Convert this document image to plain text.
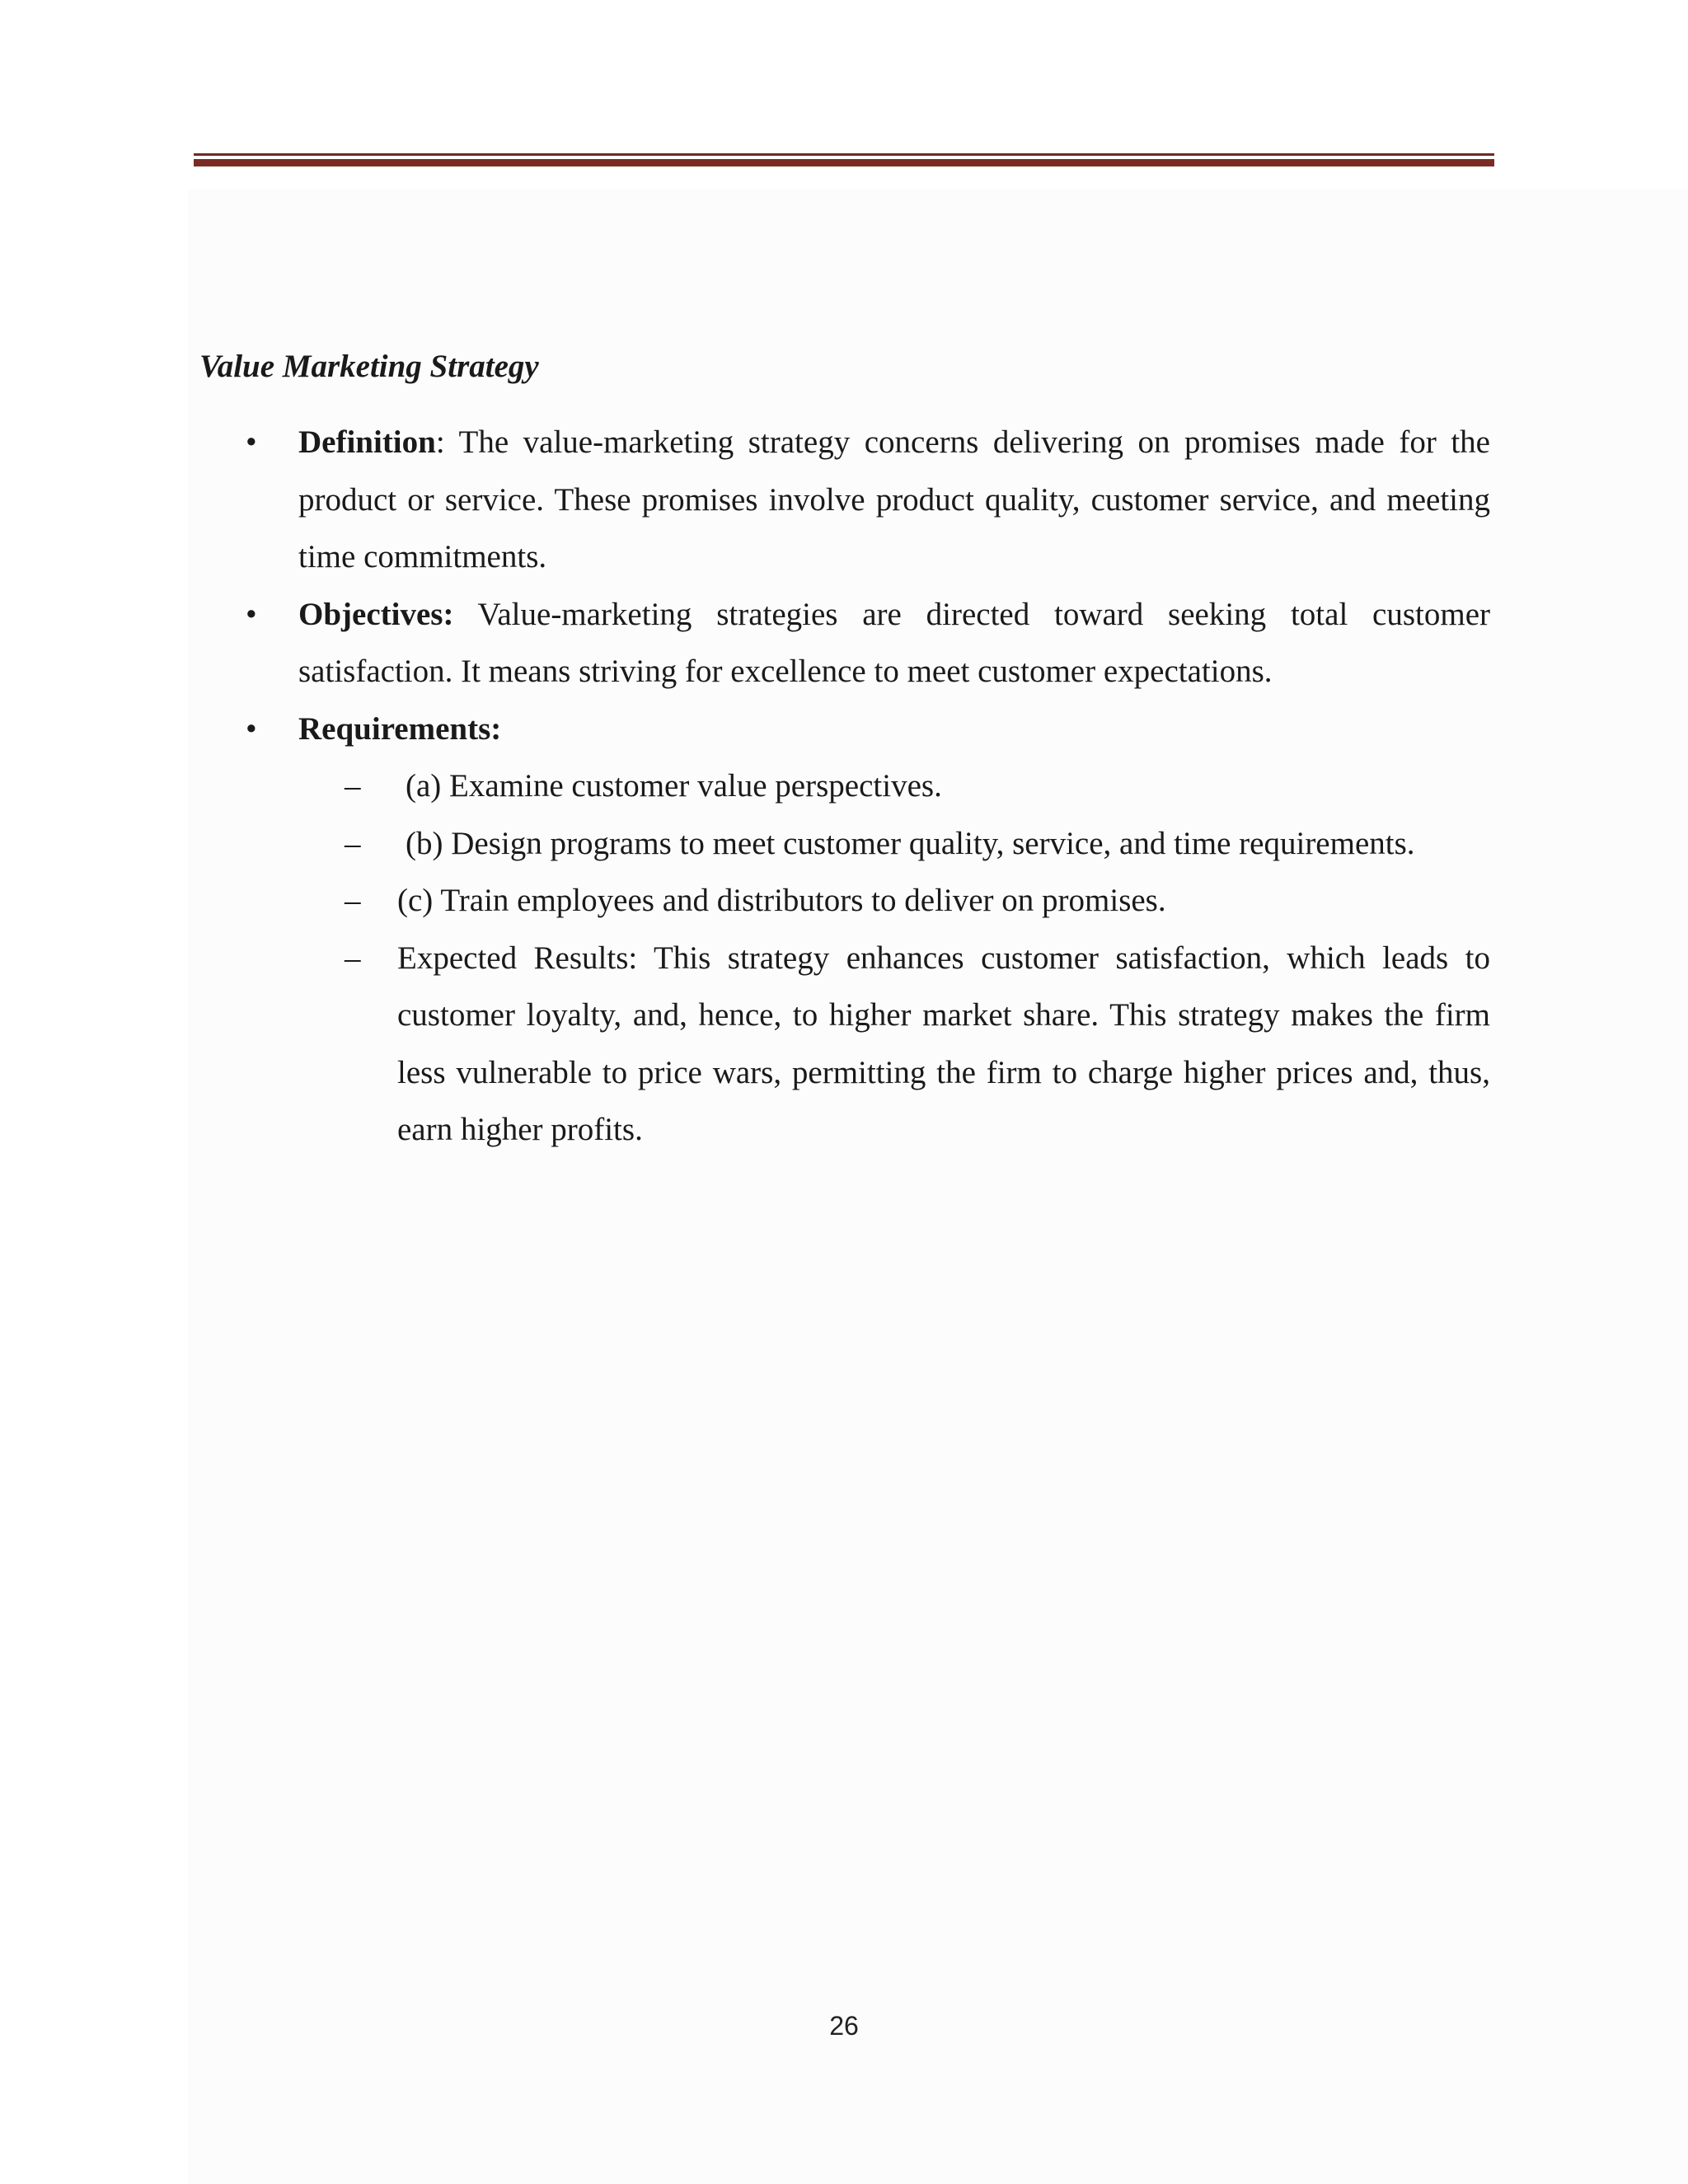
Value Marketing Strategy
• Definition: The value-marketing strategy concerns delivering on promises made for the product or service. These promises involve product quality, customer service, and meeting time commitments.
• Objectives: Value-marketing strategies are directed toward seeking total customer satisfaction. It means striving for excellence to meet customer expectations.
• Requirements:
– (a) Examine customer value perspectives.
– (b) Design programs to meet customer quality, service, and time requirements.
– (c) Train employees and distributors to deliver on promises.
– Expected Results: This strategy enhances customer satisfaction, which leads to customer loyalty, and, hence, to higher market share. This strategy makes the firm less vulnerable to price wars, permitting the firm to charge higher prices and, thus, earn higher profits.
26
